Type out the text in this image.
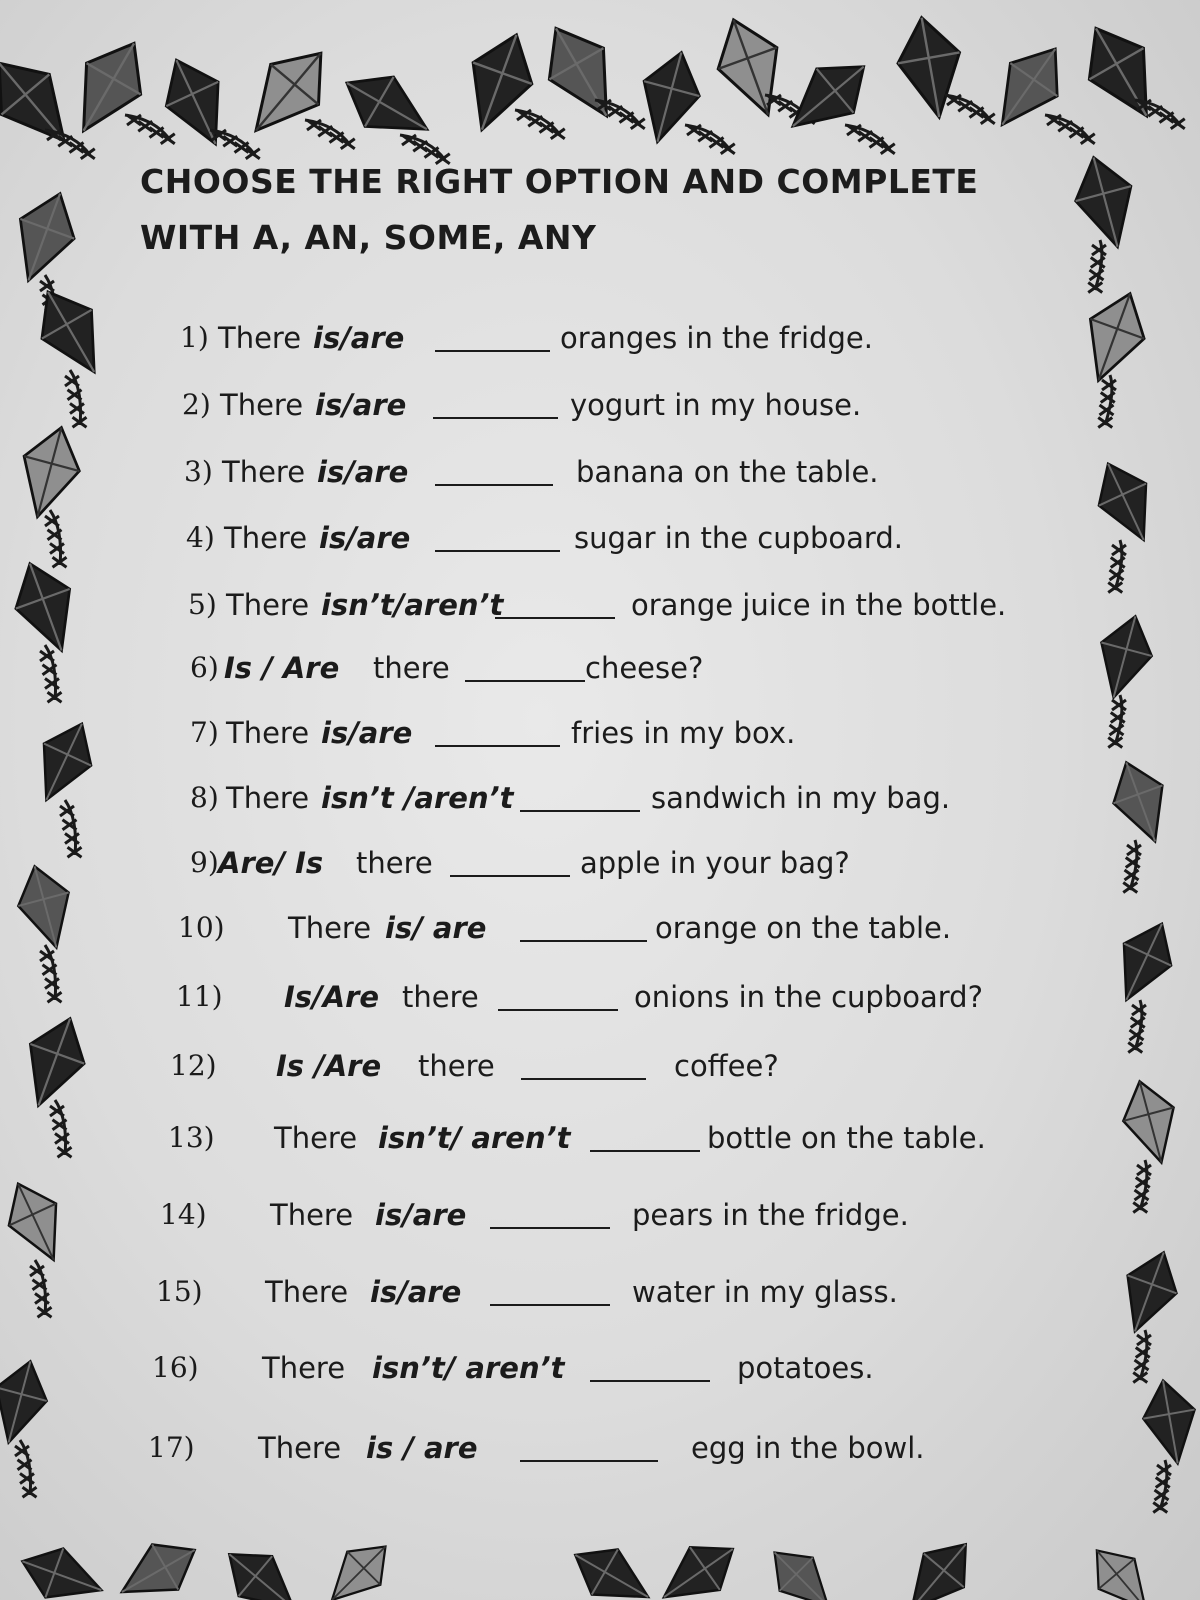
CHOOSE THE RIGHT OPTION AND COMPLETE
WITH A, AN, SOME, ANY
1) There is/are	oranges in the fridge.
2) There is/are	yogurt in my house.
3) There is/are	banana on the table.
4) There is/are	sugar in the cupboard.
5) There isn’t/aren’t	orange juice in the bottle.
6) Is / Are there	cheese?
7) There is/are	fries in my box.
8) There isn’t /aren’t	sandwich in my bag.
9) Are/ Is there	apple in your bag?
10) There is/ are	orange on the table.
11) Is/Are there	onions in the cupboard?
12) Is /Are there	coffee?
13) There isn’t/ aren’t	bottle on the table.
14) There is/are	pears in the fridge.
15) There is/are	water in my glass.
16) There isn’t/ aren’t	potatoes.
17) There is / are	egg in the bowl.
